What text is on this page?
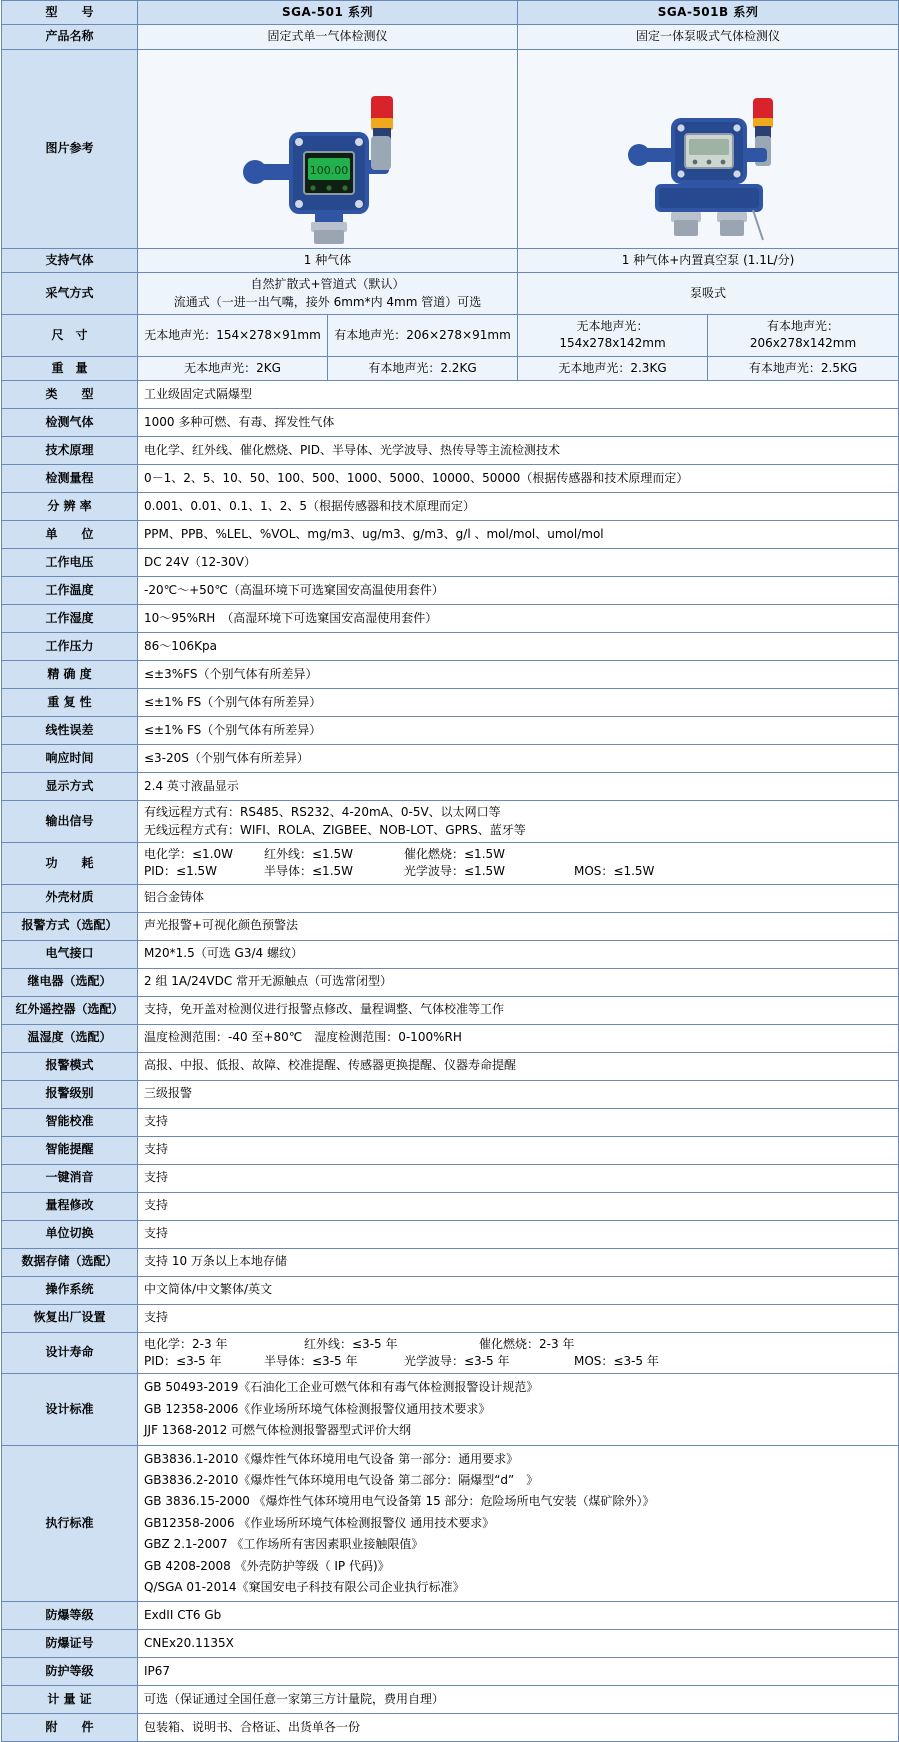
型　　号	SGA-501 系列		SGA-501B 系列	
产品名称	固定式单一气体检测仪		固定一体泵吸式气体检测仪	
图片参考	100.00

支持气体	1 种气体		1 种气体+内置真空泵 (1.1L/分)	
采气方式	自然扩散式+管道式（默认）
流通式（一进一出气嘴，接外 6mm*内 4mm 管道）可选		泵吸式	
尺　寸	无本地声光：154×278×91mm	有本地声光：206×278×91mm	无本地声光：154x278x142mm	有本地声光：206x278x142mm
重　量	无本地声光：2KG	有本地声光：2.2KG	无本地声光：2.3KG	有本地声光：2.5KG
类　　型	工业级固定式隔爆型			
检测气体	1000 多种可燃、有毒、挥发性气体			
技术原理	电化学、红外线、催化燃烧、PID、半导体、光学波导、热传导等主流检测技术			
检测量程	0－1、2、5、10、50、100、500、1000、5000、10000、50000（根据传感器和技术原理而定）			
分 辨 率	0.001、0.01、0.1、1、2、5（根据传感器和技术原理而定）			
单　　位	PPM、PPB、%LEL、%VOL、mg/m3、ug/m3、g/m3、g/l 、mol/mol、umol/mol			
工作电压	DC 24V（12-30V）			
工作温度	-20℃～+50℃（高温环境下可选窠国安高温使用套件）			
工作湿度	10～95%RH　（高湿环境下可选窠国安高湿使用套件）			
工作压力	86～106Kpa			
精 确 度	≤±3%FS（个别气体有所差异）			
重 复 性	≤±1% FS（个别气体有所差异）			
线性误差	≤±1% FS（个别气体有所差异）			
响应时间	≤3-20S（个别气体有所差异）			
显示方式	2.4 英寸液晶显示			
输出信号	有线远程方式有：RS485、RS232、4-20mA、0-5V、以太网口等
无线远程方式有：WIFI、ROLA、ZIGBEE、NOB-LOT、GPRS、蓝牙等			

功　　耗	
电化学：≤1.0W	红外线：≤1.5W	催化燃烧：≤1.5W
PID：≤1.5W	半导体：≤1.5W	光学波导：≤1.5W	MOS：≤1.5W

外壳材质	铝合金铸体			
报警方式（选配）	声光报警+可视化颜色预警法			
电气接口	M20*1.5（可选 G3/4 螺纹）			
继电器（选配）	2 组 1A/24VDC 常开无源触点（可选常闭型）			
红外遥控器（选配）	支持，免开盖对检测仪进行报警点修改、量程调整、气体校准等工作			
温湿度（选配）	温度检测范围：-40 至+80℃　湿度检测范围：0-100%RH			
报警模式	高报、中报、低报、故障、校准提醒、传感器更换提醒、仪器寿命提醒			
报警级别	三级报警			
智能校准	支持			
智能提醒	支持			
一键消音	支持			
量程修改	支持			
单位切换	支持			
数据存储（选配）	支持 10 万条以上本地存储			
操作系统	中文简体/中文繁体/英文			
恢复出厂设置	支持			
设计寿命	
电化学：2-3 年	红外线：≤3-5 年	催化燃烧：2-3 年
PID：≤3-5 年	半导体：≤3-5 年	光学波导：≤3-5 年	MOS：≤3-5 年

设计标准	GB 50493-2019《石油化工企业可燃气体和有毒气体检测报警设计规范》
GB 12358-2006《作业场所环境气体检测报警仪通用技术要求》
JJF 1368-2012 可燃气体检测报警器型式评价大纲			

执行标准	
GB3836.1-2010《爆炸性气体环境用电气设备 第一部分：通用要求》
GB3836.2-2010《爆炸性气体环境用电气设备 第二部分：隔爆型“d”　》
GB 3836.15-2000 《爆炸性气体环境用电气设备第 15 部分：危险场所电气安装（煤矿除外）》
GB12358-2006 《作业场所环境气体检测报警仪 通用技术要求》
GBZ 2.1-2007 《工作场所有害因素职业接触限值》
GB 4208-2008 《外壳防护等级（ IP 代码)》
Q/SGA 01-2014《窠国安电子科技有限公司企业执行标准》

防爆等级	ExdII CT6 Gb			
防爆证号	CNEx20.1135X			
防护等级	IP67			
计 量 证	可选（保证通过全国任意一家第三方计量院，费用自理）			
附　　件	包装箱、说明书、合格证、出货单各一份			
